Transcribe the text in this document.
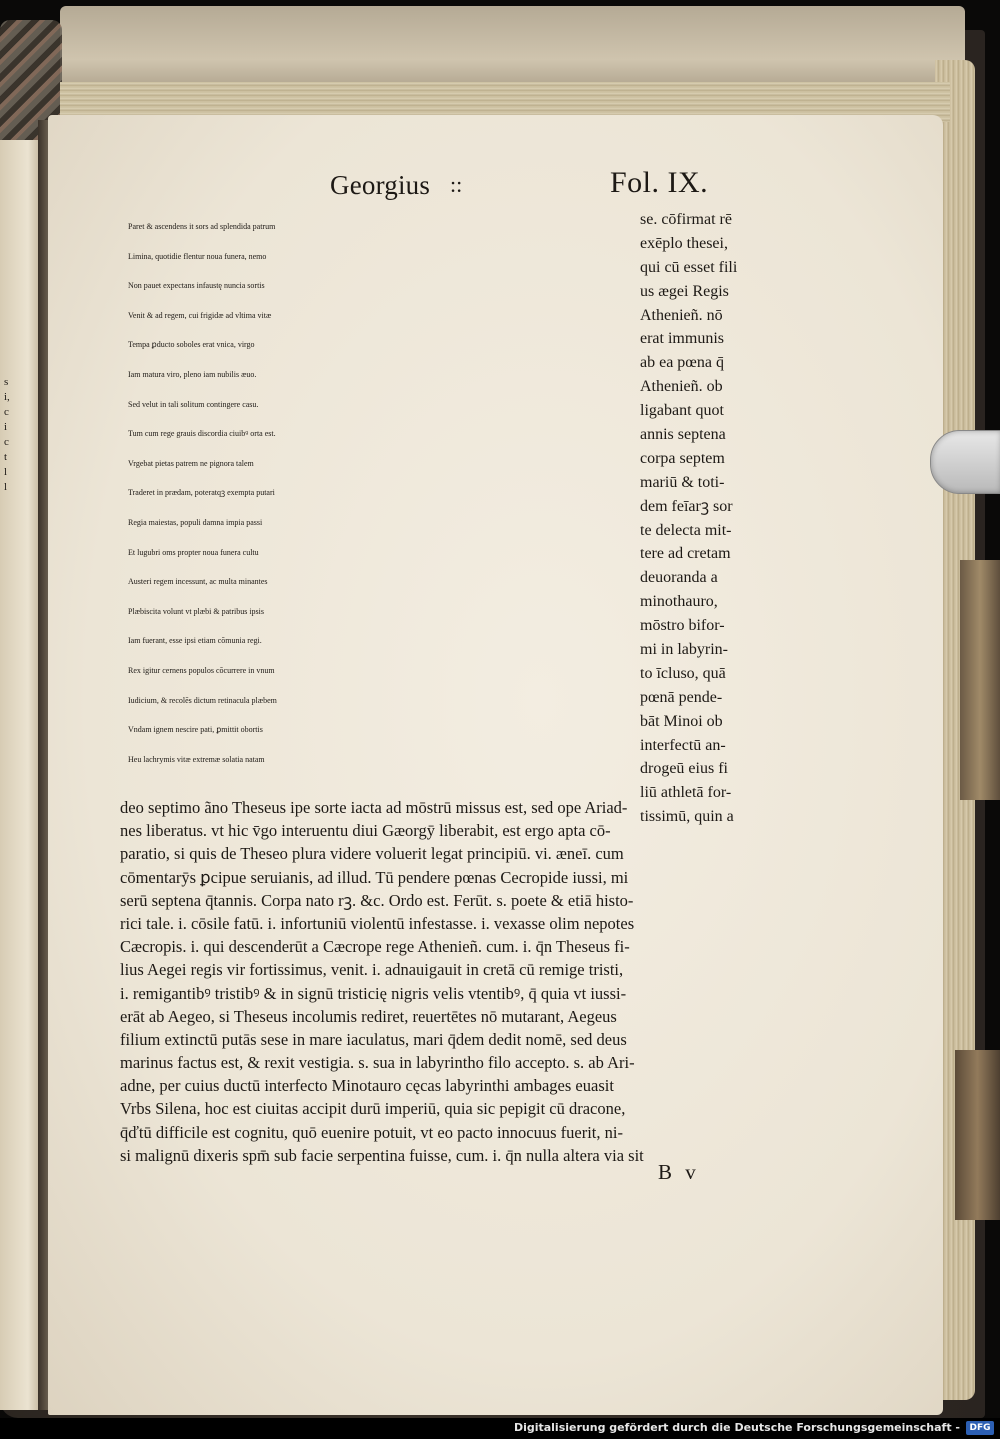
s
i,
c
i
c
t
l
l
Georgius ::	Fol. IX.
Paret & ascendens it sors ad splendida patrum
Limina, quotidie flentur noua funera, nemo
Non pauet expectans infaustę nuncia sortis
Venit & ad regem, cui frigidæ ad vltima vitæ
Tempa ꝑducto soboles erat vnica, virgo
Iam matura viro, pleno iam nubilis æuo.
Sed velut in tali solitum contingere casu.
Tum cum rege grauis discordia ciuibꝰ orta est.
Vrgebat pietas patrem ne pignora talem
Traderet in prædam, poteratqꝫ exempta putari
Regia maiestas, populi damna impia passi
Et lugubri oms propter noua funera cultu
Austeri regem incessunt, ac multa minantes
Plæbiscita volunt vt plæbi & patribus ipsis
Iam fuerant, esse ipsi etiam cōmunia regi.
Rex igitur cernens populos cōcurrere in vnum
Iudicium, & recolēs dictum retinacula plæbem
Vndam ignem nescire pati, ꝑmittit obortis
Heu lachrymis vitæ extremæ solatia natam
se. cōfirmat rē
exēplo thesei,
qui cū esset fili
us ægei Regis
Athenieñ. nō
erat immunis
ab ea pœna q̄
Athenieñ. ob
ligabant quot
annis septena
corpa septem
mariū & toti-
dem feīarꝫ sor
te delecta mit-
tere ad cretam
deuoranda a
minothauro,
mōstro bifor-
mi in labyrin-
to īcluso, quā
pœnā pende-
bāt Minoi ob
interfectū an-
drogeū eius fi
liū athletā for-
tissimū, quin a
deo septimo ãno Theseus ipe sorte iacta ad mōstrū missus est, sed ope Ariad-
nes liberatus. vt hic v̄go interuentu diui Gæorgȳ liberabit, est ergo apta cō-
paratio, si quis de Theseo plura videre voluerit legat principiū. vi. æneī. cum
cōmentarȳs ꝑcipue seruianis, ad illud. Tū pendere pœnas Cecropide iussi, mi
serū septena q̄tannis. Corpa nato rꝫ. &c. Ordo est. Ferūt. s. poete & etiā histo-
rici tale. i. cōsile fatū. i. infortuniū violentū infestasse. i. vexasse olim nepotes
Cæcropis. i. qui descenderūt a Cæcrope rege Athenieñ. cum. i. q̄n Theseus fi-
lius Aegei regis vir fortissimus, venit. i. adnauigauit in cretā cū remige tristi,
i. remigantibꝰ tristibꝰ & in signū tristicię nigris velis vtentibꝰ, q̄ quia vt iussi-
erāt ab Aegeo, si Theseus incolumis rediret, reuertētes nō mutarant, Aegeus
filium extinctū putās sese in mare iaculatus, mari q̄dem dedit nomē, sed deus
marinus factus est, & rexit vestigia. s. sua in labyrintho filo accepto. s. ab Ari-
adne, per cuius ductū interfecto Minotauro cęcas labyrinthi ambages euasit
Vrbs Silena, hoc est ciuitas accipit durū imperiū, quia sic pepigit cū dracone,
q̄ďtū difficile est cognitu, quō euenire potuit, vt eo pacto innocuus fuerit, ni-
si malignū dixeris spm̄ sub facie serpentina fuisse, cum. i. q̄n nulla altera via sit
B v
Digitalisierung gefördert durch die Deutsche Forschungsgemeinschaft -	DFG
